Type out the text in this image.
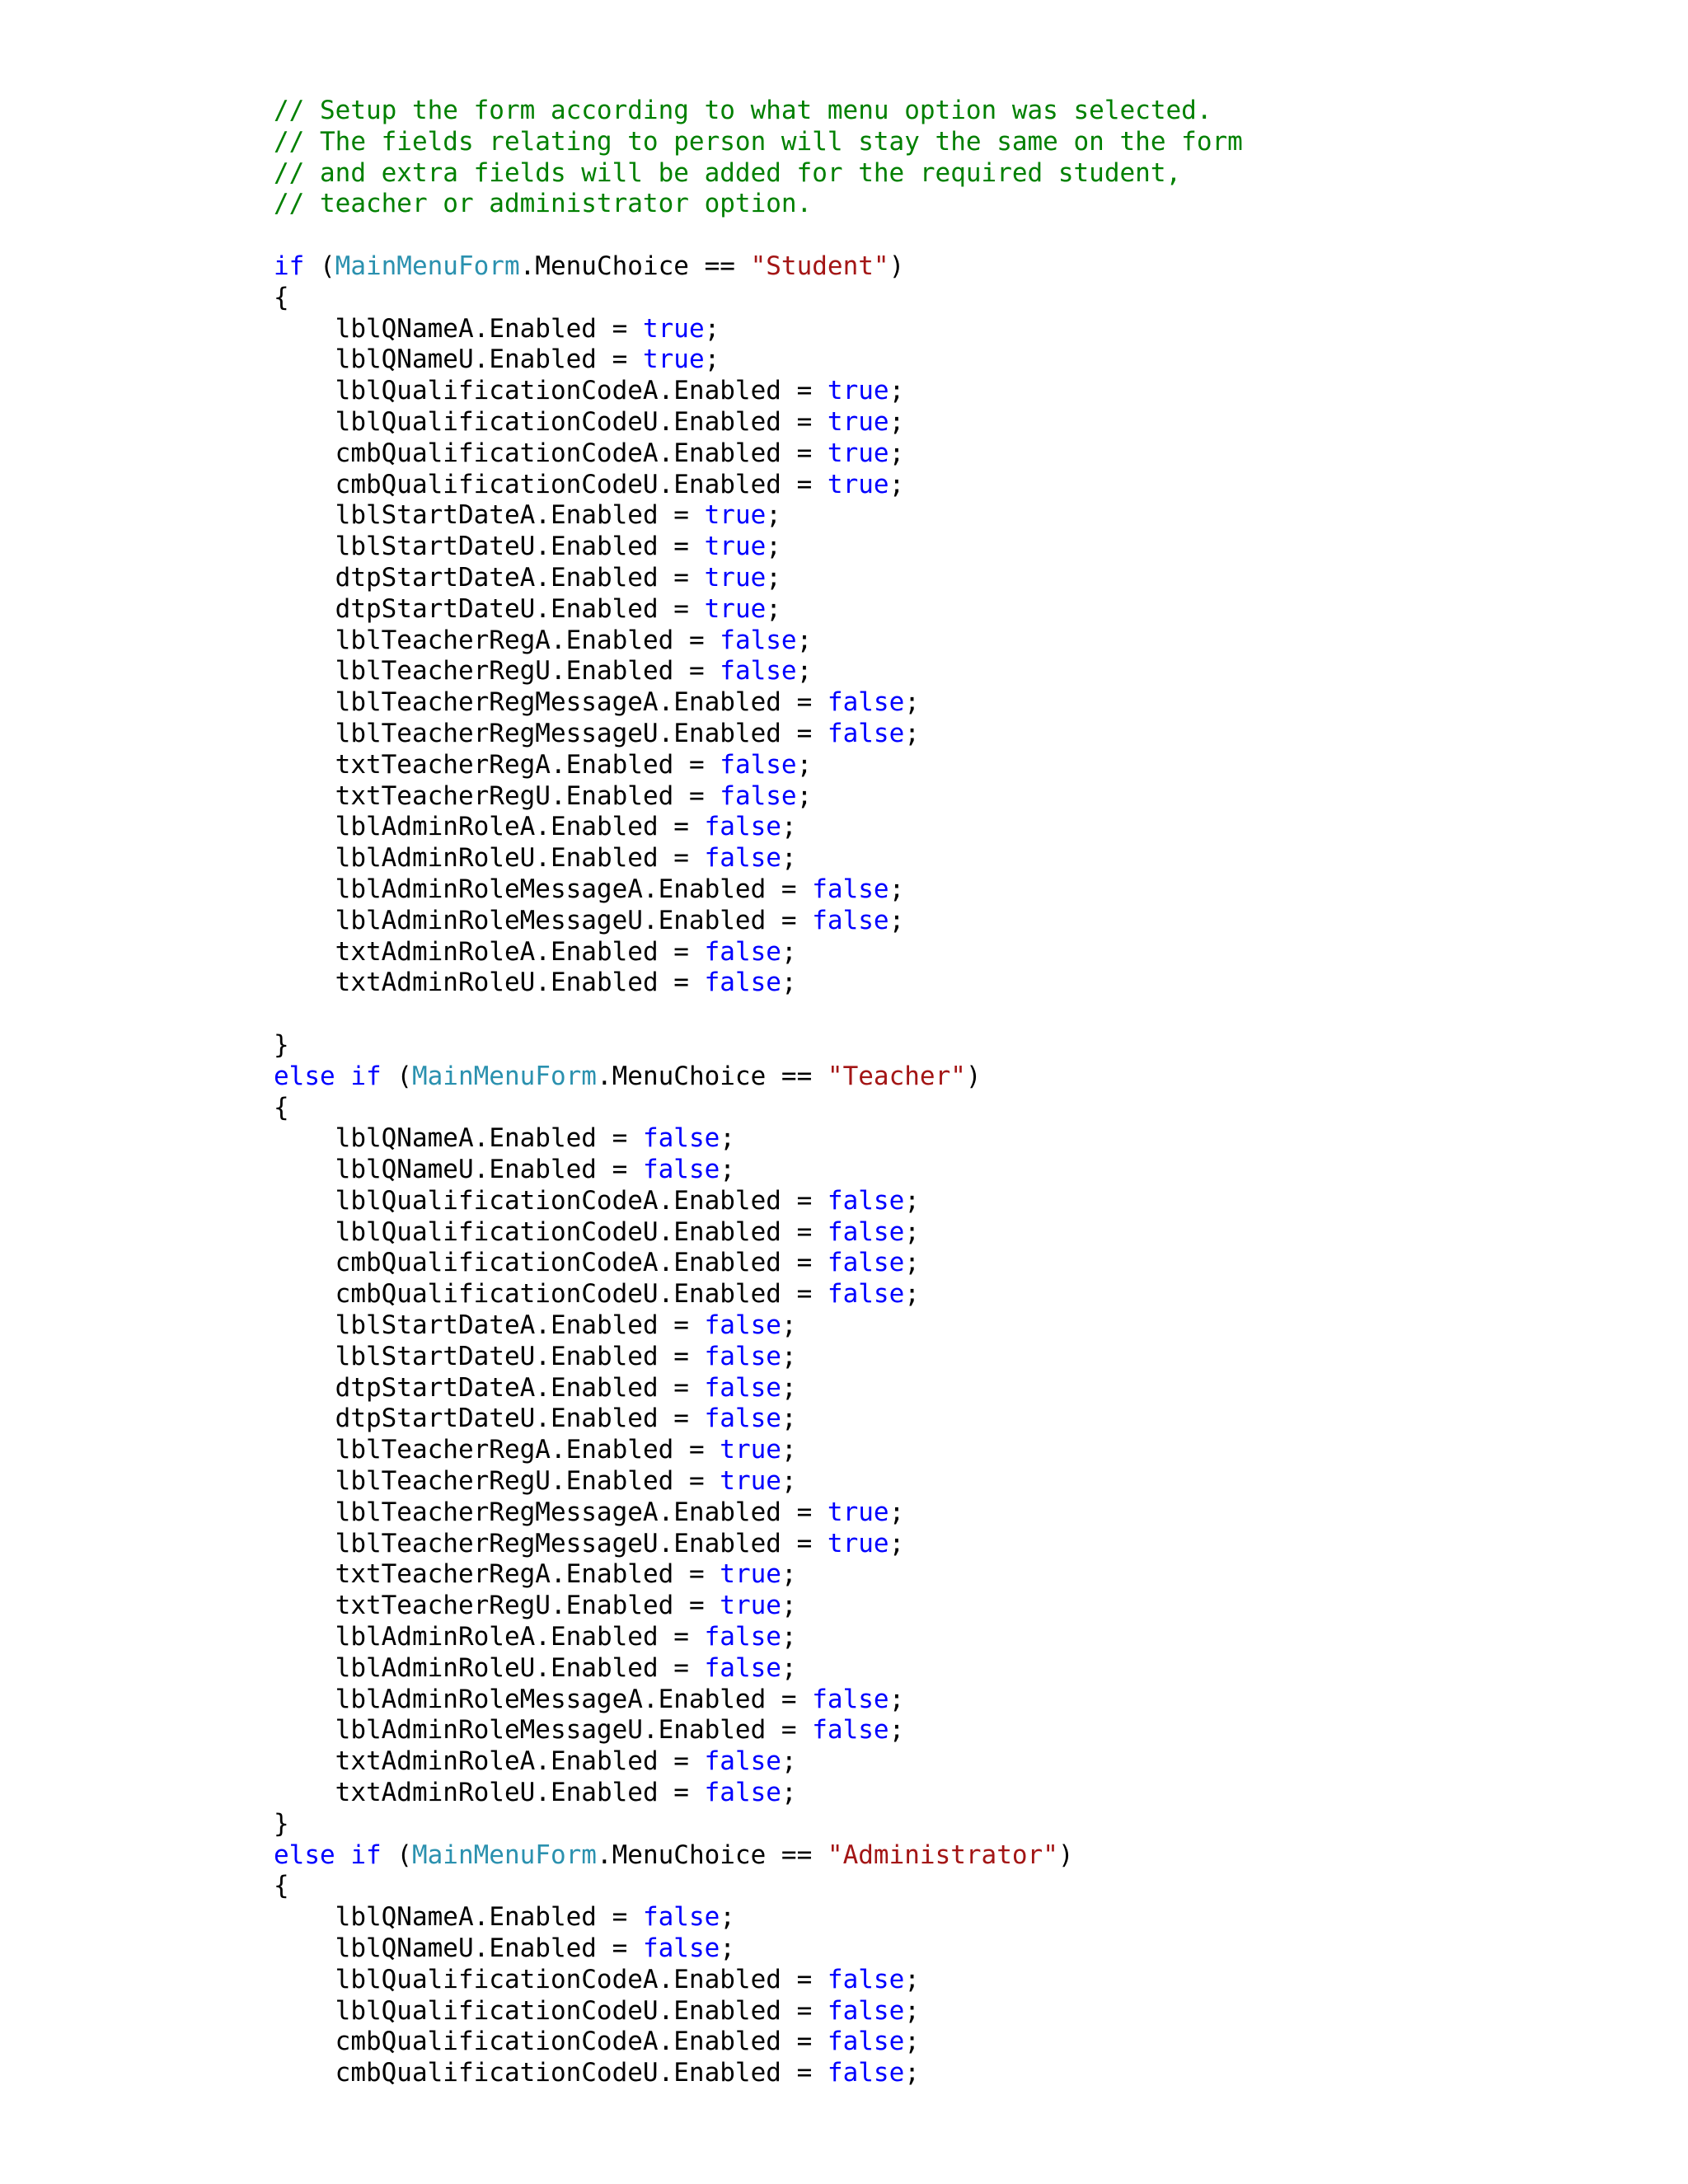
// Setup the form according to what menu option was selected.
// The fields relating to person will stay the same on the form
// and extra fields will be added for the required student,
// teacher or administrator option.
if (MainMenuForm.MenuChoice == "Student")
{
lblQNameA.Enabled = true;
lblQNameU.Enabled = true;
lblQualificationCodeA.Enabled = true;
lblQualificationCodeU.Enabled = true;
cmbQualificationCodeA.Enabled = true;
cmbQualificationCodeU.Enabled = true;
lblStartDateA.Enabled = true;
lblStartDateU.Enabled = true;
dtpStartDateA.Enabled = true;
dtpStartDateU.Enabled = true;
lblTeacherRegA.Enabled = false;
lblTeacherRegU.Enabled = false;
lblTeacherRegMessageA.Enabled = false;
lblTeacherRegMessageU.Enabled = false;
txtTeacherRegA.Enabled = false;
txtTeacherRegU.Enabled = false;
lblAdminRoleA.Enabled = false;
lblAdminRoleU.Enabled = false;
lblAdminRoleMessageA.Enabled = false;
lblAdminRoleMessageU.Enabled = false;
txtAdminRoleA.Enabled = false;
txtAdminRoleU.Enabled = false;
}
else if (MainMenuForm.MenuChoice == "Teacher")
{
lblQNameA.Enabled = false;
lblQNameU.Enabled = false;
lblQualificationCodeA.Enabled = false;
lblQualificationCodeU.Enabled = false;
cmbQualificationCodeA.Enabled = false;
cmbQualificationCodeU.Enabled = false;
lblStartDateA.Enabled = false;
lblStartDateU.Enabled = false;
dtpStartDateA.Enabled = false;
dtpStartDateU.Enabled = false;
lblTeacherRegA.Enabled = true;
lblTeacherRegU.Enabled = true;
lblTeacherRegMessageA.Enabled = true;
lblTeacherRegMessageU.Enabled = true;
txtTeacherRegA.Enabled = true;
txtTeacherRegU.Enabled = true;
lblAdminRoleA.Enabled = false;
lblAdminRoleU.Enabled = false;
lblAdminRoleMessageA.Enabled = false;
lblAdminRoleMessageU.Enabled = false;
txtAdminRoleA.Enabled = false;
txtAdminRoleU.Enabled = false;
}
else if (MainMenuForm.MenuChoice == "Administrator")
{
lblQNameA.Enabled = false;
lblQNameU.Enabled = false;
lblQualificationCodeA.Enabled = false;
lblQualificationCodeU.Enabled = false;
cmbQualificationCodeA.Enabled = false;
cmbQualificationCodeU.Enabled = false;
